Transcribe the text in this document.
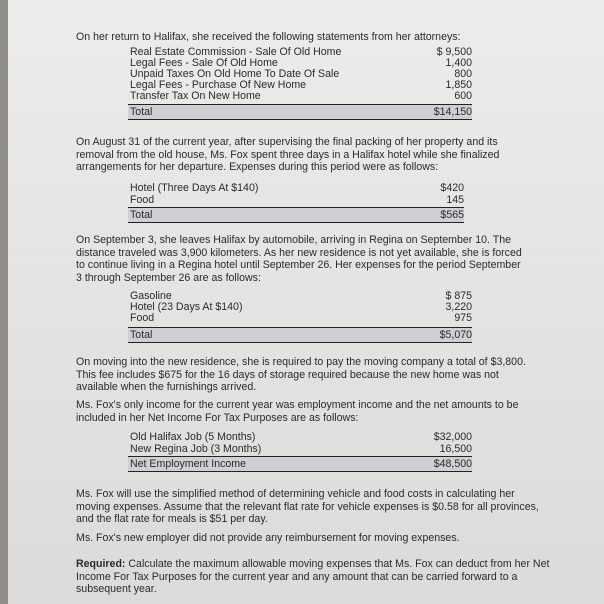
On her return to Halifax, she received the following statements from her attorneys:
Real Estate Commission - Sale Of Old Home	$ 9,500
Legal Fees - Sale Of Old Home	1,400
Unpaid Taxes On Old Home To Date Of Sale	800
Legal Fees - Purchase Of New Home	1,850
Transfer Tax On New Home	600
Total	$14,150
On August 31 of the current year, after supervising the final packing of her property and its removal from the old house, Ms. Fox spent three days in a Halifax hotel while she finalized arrangements for her departure. Expenses during this period were as follows:
Hotel (Three Days At $140)	$420
Food	145
Total	$565
On September 3, she leaves Halifax by automobile, arriving in Regina on September 10. The distance traveled was 3,900 kilometers. As her new residence is not yet available, she is forced to continue living in a Regina hotel until September 26. Her expenses for the period September 3 through September 26 are as follows:
Gasoline	$ 875
Hotel (23 Days At $140)	3,220
Food	975
Total	$5,070
On moving into the new residence, she is required to pay the moving company a total of $3,800. This fee includes $675 for the 16 days of storage required because the new home was not available when the furnishings arrived.
Ms. Fox's only income for the current year was employment income and the net amounts to be included in her Net Income For Tax Purposes are as follows:
Old Halifax Job (5 Months)	$32,000
New Regina Job (3 Months)	16,500
Net Employment Income	$48,500
Ms. Fox will use the simplified method of determining vehicle and food costs in calculating her moving expenses. Assume that the relevant flat rate for vehicle expenses is $0.58 for all provinces, and the flat rate for meals is $51 per day.
Ms. Fox's new employer did not provide any reimbursement for moving expenses.
Required: Calculate the maximum allowable moving expenses that Ms. Fox can deduct from her Net Income For Tax Purposes for the current year and any amount that can be carried forward to a subsequent year.
